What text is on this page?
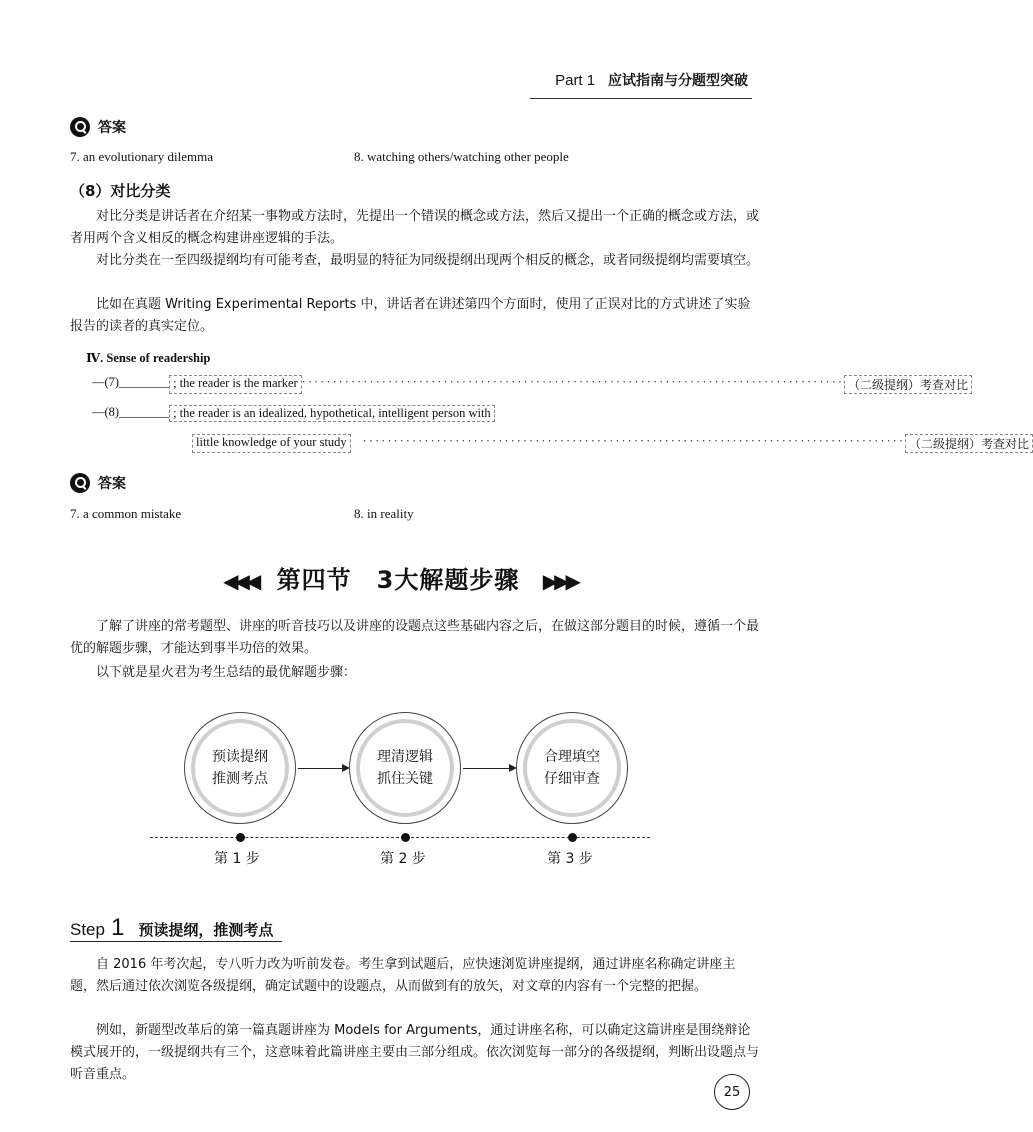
Part 1 应试指南与分题型突破
答案
7. an evolutionary dilemma	8. watching others/watching other people
（8）对比分类
对比分类是讲话者在介绍某一事物或方法时，先提出一个错误的概念或方法，然后又提出一个正确的概念或方法，或者用两个含义相反的概念构建讲座逻辑的手法。
对比分类在一至四级提纲均有可能考查，最明显的特征为同级提纲出现两个相反的概念，或者同级提纲均需要填空。
比如在真题 Writing Experimental Reports 中，讲话者在讲述第四个方面时，使用了正误对比的方式讲述了实验报告的读者的真实定位。
Ⅳ. Sense of readership
—(7)________ ; the reader is the marker ························································································ （二级提纲）考查对比
—(8)________ ; the reader is an idealized, hypothetical, intelligent person with
little knowledge of your study	························································································ （二级提纲）考查对比
答案
7. a common mistake	8. in reality
◀◀◀ 第四节　3大解题步骤 ▶▶▶
了解了讲座的常考题型、讲座的听音技巧以及讲座的设题点这些基础内容之后，在做这部分题目的时候，遵循一个最优的解题步骤，才能达到事半功倍的效果。
以下就是星火君为考生总结的最优解题步骤：
预读提纲
推测考点
理清逻辑
抓住关键
合理填空
仔细审查
第 1 步	第 2 步	第 3 步
Step 1 预读提纲，推测考点
自 2016 年考次起，专八听力改为听前发卷。考生拿到试题后，应快速浏览讲座提纲，通过讲座名称确定讲座主题，然后通过依次浏览各级提纲，确定试题中的设题点，从而做到有的放矢，对文章的内容有一个完整的把握。
例如，新题型改革后的第一篇真题讲座为 Models for Arguments，通过讲座名称，可以确定这篇讲座是围绕辩论模式展开的，一级提纲共有三个，这意味着此篇讲座主要由三部分组成。依次浏览每一部分的各级提纲，判断出设题点与听音重点。
25
